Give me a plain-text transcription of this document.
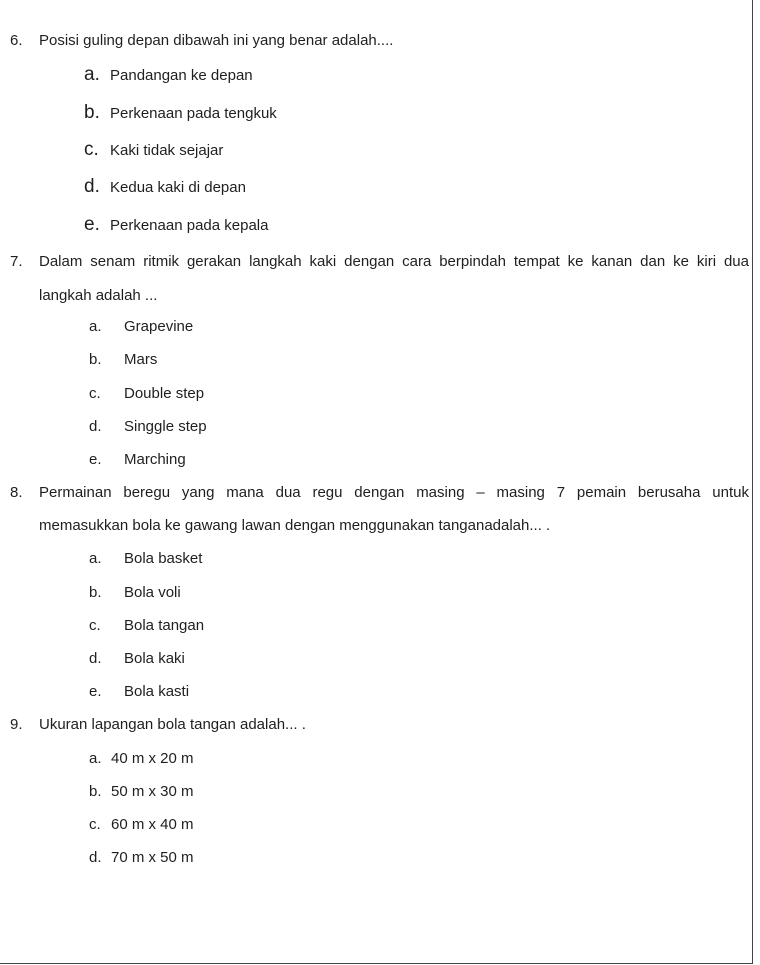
6. Posisi guling depan dibawah ini yang benar adalah....
a. Pandangan ke depan
b. Perkenaan pada tengkuk
c. Kaki tidak sejajar
d. Kedua kaki di depan
e. Perkenaan pada kepala
7. Dalam senam ritmik gerakan langkah kaki dengan cara berpindah tempat ke kanan dan ke kiri dua
langkah adalah ...
a. Grapevine
b. Mars
c. Double step
d. Singgle step
e. Marching
8. Permainan beregu yang mana dua regu dengan masing – masing 7 pemain berusaha untuk
memasukkan bola ke gawang lawan dengan menggunakan tanganadalah... .
a. Bola basket
b. Bola voli
c. Bola tangan
d. Bola kaki
e. Bola kasti
9. Ukuran lapangan bola tangan adalah... .
a. 40 m x 20 m
b. 50 m x 30 m
c. 60 m x 40 m
d. 70 m x 50 m
